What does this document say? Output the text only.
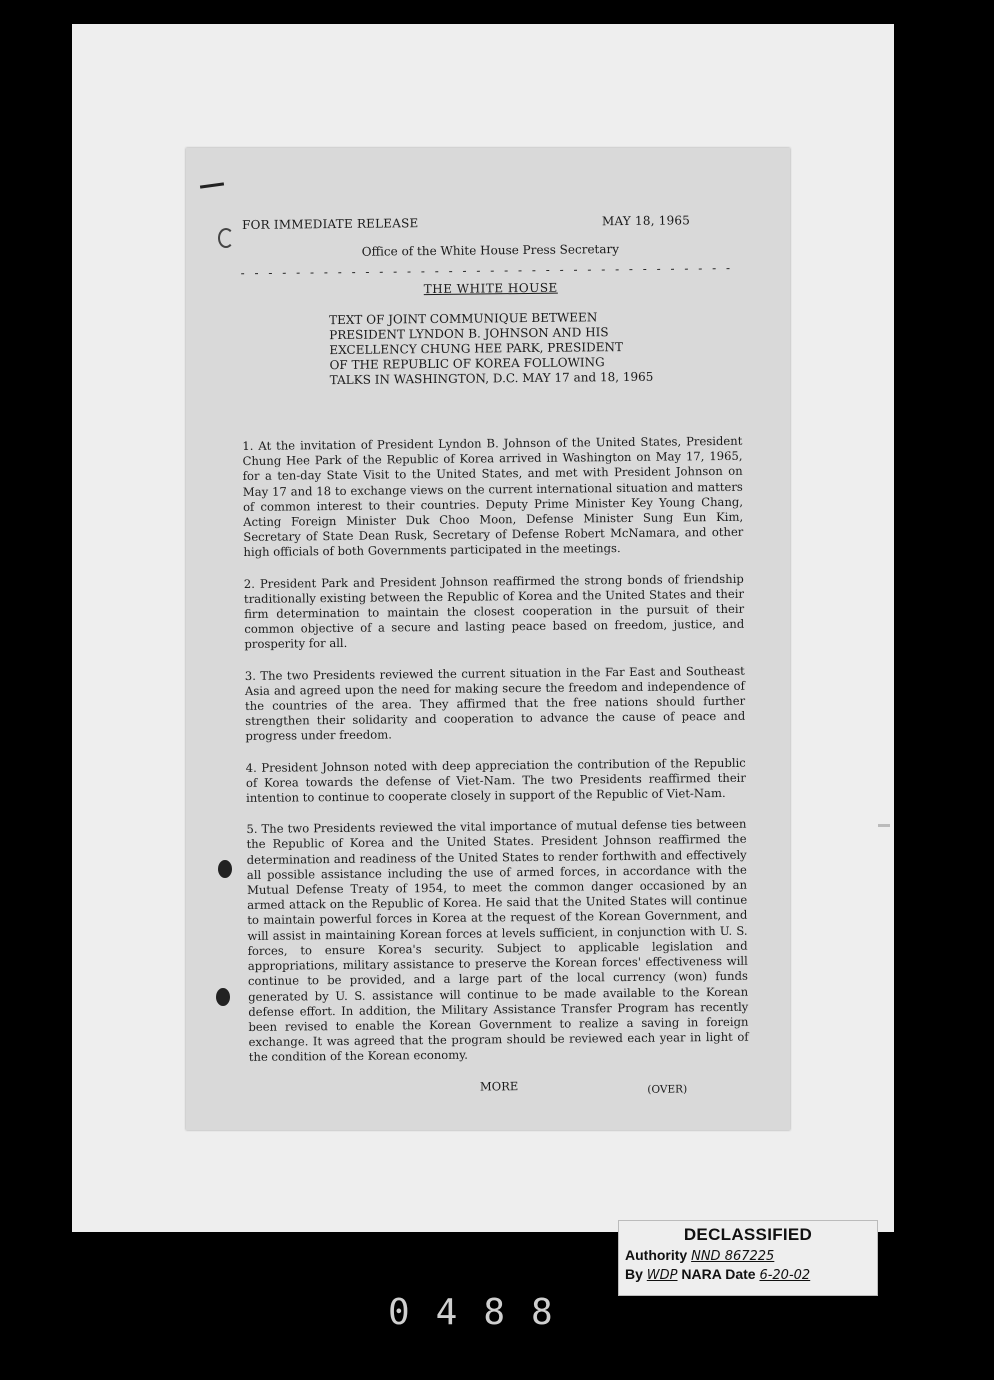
FOR IMMEDIATE RELEASE	MAY 18, 1965
Office of the White House Press Secretary
- - - - - - - - - - - - - - - - - - - - - - - - - - - - - - - - - - - -
THE WHITE HOUSE
TEXT OF JOINT COMMUNIQUE BETWEEN
PRESIDENT LYNDON B. JOHNSON AND HIS
EXCELLENCY CHUNG HEE PARK, PRESIDENT
OF THE REPUBLIC OF KOREA FOLLOWING
TALKS IN WASHINGTON, D.C. MAY 17 and 18, 1965

1. At the invitation of President Lyndon B. Johnson of the United States, President Chung Hee Park of the Republic of Korea arrived in Washington on May 17, 1965, for a ten-day State Visit to the United States, and met with President Johnson on May 17 and 18 to exchange views on the current international situation and matters of common interest to their countries. Deputy Prime Minister Key Young Chang, Acting Foreign Minister Duk Choo Moon, Defense Minister Sung Eun Kim, Secretary of State Dean Rusk, Secretary of Defense Robert McNamara, and other high officials of both Governments participated in the meetings.

2. President Park and President Johnson reaffirmed the strong bonds of friendship traditionally existing between the Republic of Korea and the United States and their firm determination to maintain the closest cooperation in the pursuit of their common objective of a secure and lasting peace based on freedom, justice, and prosperity for all.

3. The two Presidents reviewed the current situation in the Far East and Southeast Asia and agreed upon the need for making secure the freedom and independence of the countries of the area. They affirmed that the free nations should further strengthen their solidarity and cooperation to advance the cause of peace and progress under freedom.

4. President Johnson noted with deep appreciation the contribution of the Republic of Korea towards the defense of Viet-Nam. The two Presidents reaffirmed their intention to continue to cooperate closely in support of the Republic of Viet-Nam.

5. The two Presidents reviewed the vital importance of mutual defense ties between the Republic of Korea and the United States. President Johnson reaffirmed the determination and readiness of the United States to render forthwith and effectively all possible assistance including the use of armed forces, in accordance with the Mutual Defense Treaty of 1954, to meet the common danger occasioned by an armed attack on the Republic of Korea. He said that the United States will continue to maintain powerful forces in Korea at the request of the Korean Government, and will assist in maintaining Korean forces at levels sufficient, in conjunction with U. S. forces, to ensure Korea's security. Subject to applicable legislation and appropriations, military assistance to preserve the Korean forces' effectiveness will continue to be provided, and a large part of the local currency (won) funds generated by U. S. assistance will continue to be made available to the Korean defense effort. In addition, the Military Assistance Transfer Program has recently been revised to enable the Korean Government to realize a saving in foreign exchange. It was agreed that the program should be reviewed each year in light of the condition of the Korean economy.

MORE	(OVER)
DECLASSIFIED
Authority NND 867225
By WDP NARA Date 6-20-02
0488
